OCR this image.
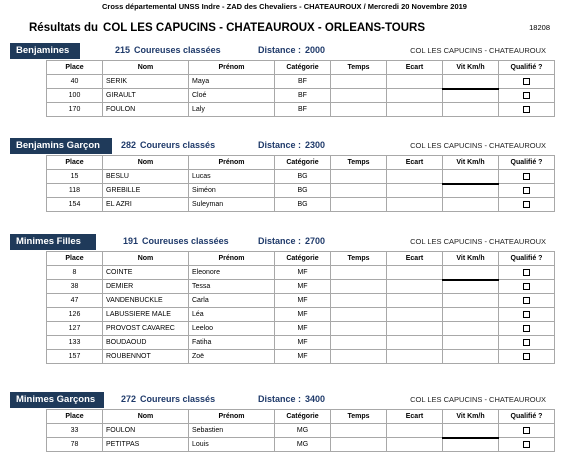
Cross départemental UNSS Indre - ZAD des Chevaliers - CHATEAUROUX / Mercredi 20 Novembre 2019
Résultats du COL LES CAPUCINS - CHATEAUROUX - ORLEANS-TOURS	18208
Benjamines	215 Coureuses classées	Distance : 2000	COL LES CAPUCINS - CHATEAUROUX
Place	Nom	Prénom	Catégorie	Temps	Ecart	Vit Km/h	Qualifié ?
40	SERIK	Maya	BF				
100	GIRAULT	Cloé	BF				
170	FOULON	Laly	BF				
Benjamins Garçon	282 Coureurs classés	Distance : 2300	COL LES CAPUCINS - CHATEAUROUX
Place	Nom	Prénom	Catégorie	Temps	Ecart	Vit Km/h	Qualifié ?
15	BESLU	Lucas	BG				
118	GREBILLE	Siméon	BG				
154	EL AZRI	Suleyman	BG				
Minimes Filles	191 Coureuses classées	Distance : 2700	COL LES CAPUCINS - CHATEAUROUX
Place	Nom	Prénom	Catégorie	Temps	Ecart	Vit Km/h	Qualifié ?
8	COINTE	Eleonore	MF				
38	DEMIER	Tessa	MF				
47	VANDENBUCKLE	Carla	MF				
126	LABUSSIERE MALE	Léa	MF				
127	PROVOST CAVAREC	Leeloo	MF				
133	BOUDAOUD	Fatiha	MF				
157	ROUBENNOT	Zoë	MF				
Minimes Garçons	272 Coureurs classés	Distance : 3400	COL LES CAPUCINS - CHATEAUROUX
Place	Nom	Prénom	Catégorie	Temps	Ecart	Vit Km/h	Qualifié ?
33	FOULON	Sebastien	MG				
78	PETITPAS	Louis	MG				
